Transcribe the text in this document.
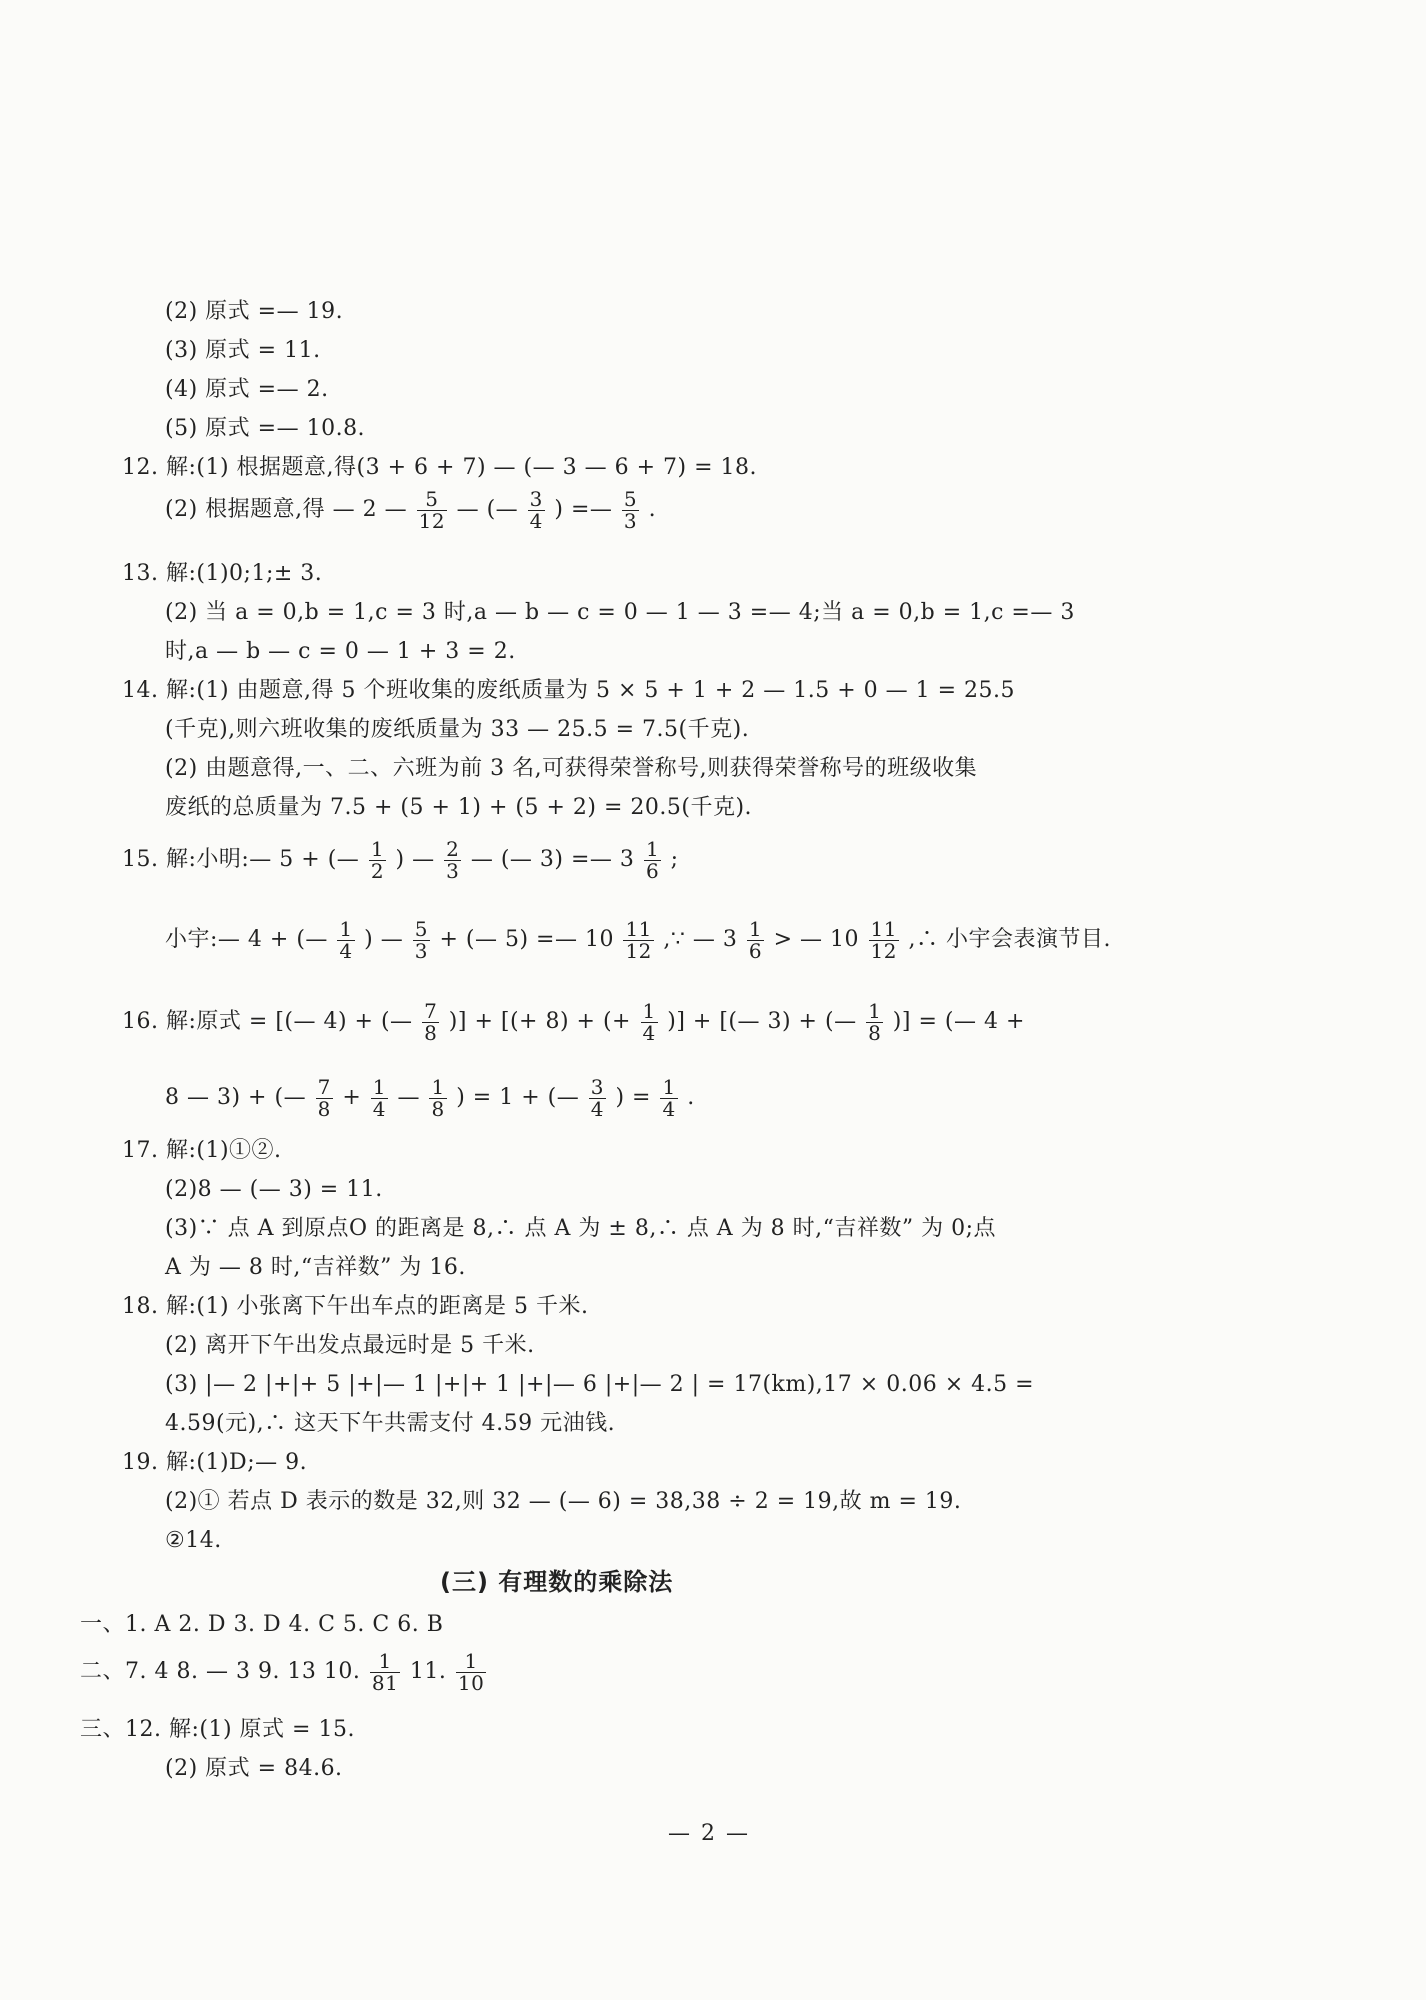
(2) 原式 =— 19.
(3) 原式 = 11.
(4) 原式 =— 2.
(5) 原式 =— 10.8.
12. 解:(1) 根据题意,得(3 + 6 + 7) — (— 3 — 6 + 7) = 18.
(2) 根据题意,得 — 2 — $\frac{5}{12}$ — (— $\frac{3}{4}$ ) =— $\frac{5}{3}$ .
13. 解:(1)0;1;± 3.
(2) 当 a = 0,b = 1,c = 3 时,a — b — c = 0 — 1 — 3 =— 4;当 a = 0,b = 1,c =— 3
时,a — b — c = 0 — 1 + 3 = 2.
14. 解:(1) 由题意,得 5 个班收集的废纸质量为 5 × 5 + 1 + 2 — 1.5 + 0 — 1 = 25.5
(千克),则六班收集的废纸质量为 33 — 25.5 = 7.5(千克).
(2) 由题意得,一、二、六班为前 3 名,可获得荣誉称号,则获得荣誉称号的班级收集
废纸的总质量为 7.5 + (5 + 1) + (5 + 2) = 20.5(千克).
15. 解:小明:— 5 + (— $\frac{1}{2}$ ) — $\frac{2}{3}$ — (— 3) =— $3 \frac{1}{6}$ ;
小宇:— 4 + (— $\frac{1}{4}$ ) — $\frac{5}{3}$ + (— 5) =— $10 \frac{11}{12}$ ,∵ — $3 \frac{1}{6}$ > — $10 \frac{11}{12}$ ,∴ 小宇会表演节目.
16. 解:原式 = [(— 4) + (— $\frac{7}{8}$ )] + [(+ 8) + (+ $\frac{1}{4}$ )] + [(— 3) + (— $\frac{1}{8}$ )] = (— 4 +
8 — 3) + (— $\frac{7}{8} + \frac{1}{4}$ — $\frac{1}{8}$ ) = 1 + (— $\frac{3}{4}$ ) = $\frac{1}{4}$ .
17. 解:(1)①②.
(2)8 — (— 3) = 11.
(3)∵ 点 A 到原点O 的距离是 8,∴ 点 A 为 ± 8,∴ 点 A 为 8 时,“吉祥数” 为 0;点
A 为 — 8 时,“吉祥数” 为 16.
18. 解:(1) 小张离下午出车点的距离是 5 千米.
(2) 离开下午出发点最远时是 5 千米.
(3) |— 2 |+|+ 5 |+|— 1 |+|+ 1 |+|— 6 |+|— 2 | = 17(km),17 × 0.06 × 4.5 =
4.59(元),∴ 这天下午共需支付 4.59 元油钱.
19. 解:(1)D;— 9.
(2)① 若点 D 表示的数是 32,则 32 — (— 6) = 38,38 ÷ 2 = 19,故 m = 19.
②14.
(三) 有理数的乘除法
一、1. A 2. D 3. D 4. C 5. C 6. B
二、7. 4 8. — 3 9. 13 10. $\frac{1}{81} 11$. $\frac{1}{10}$
三、12. 解:(1) 原式 = 15.
(2) 原式 = 84.6.
— 2 —
